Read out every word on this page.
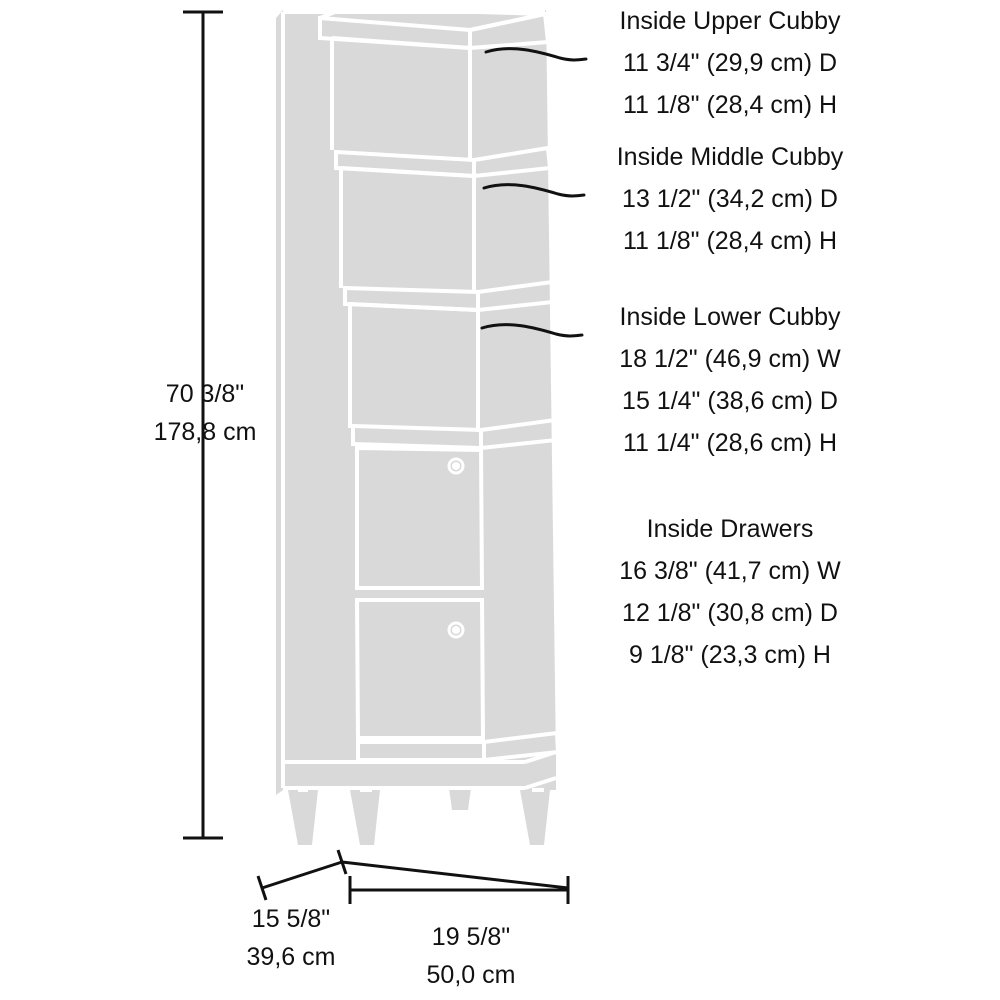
70 3/8"
178,8 cm
15 5/8"
39,6 cm
19 5/8"
50,0 cm
Inside Upper Cubby
11 3/4" (29,9 cm) D
11 1/8" (28,4 cm) H
Inside Middle Cubby
13 1/2" (34,2 cm) D
11 1/8" (28,4 cm) H
Inside Lower Cubby
18 1/2" (46,9 cm) W
15 1/4" (38,6 cm) D
11 1/4" (28,6 cm) H
Inside Drawers
16 3/8" (41,7 cm) W
12 1/8" (30,8 cm) D
9 1/8" (23,3 cm) H
